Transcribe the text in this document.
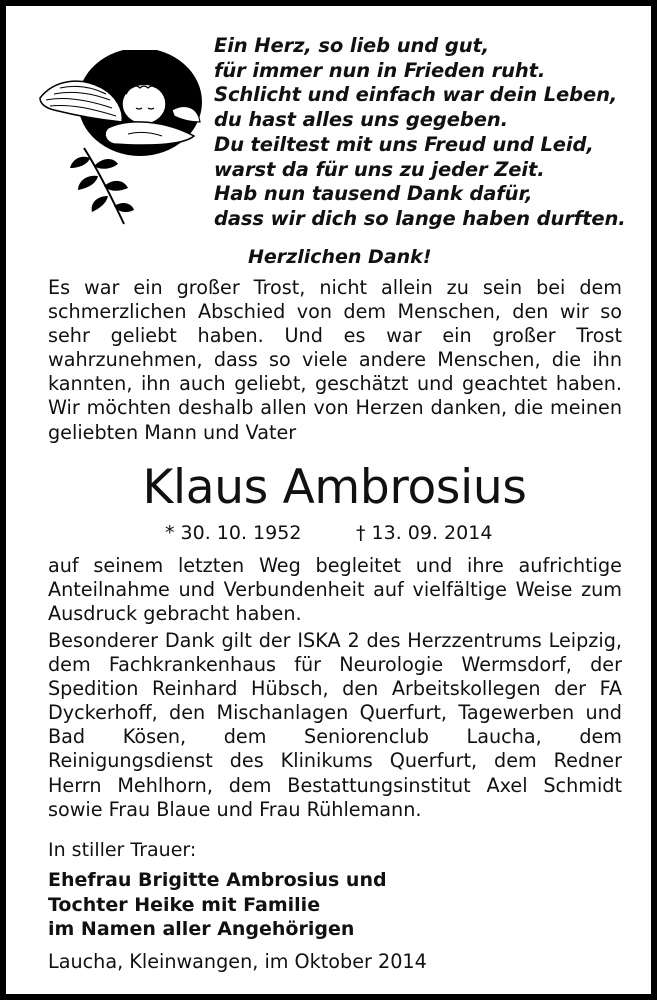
Ein Herz, so lieb und gut,
für immer nun in Frieden ruht.
Schlicht und einfach war dein Leben,
du hast alles uns gegeben.
Du teiltest mit uns Freud und Leid,
warst da für uns zu jeder Zeit.
Hab nun tausend Dank dafür,
dass wir dich so lange haben durften.
Herzlichen Dank!

Es war ein großer Trost, nicht allein zu sein bei dem schmerzlichen Abschied von dem Menschen, den wir so sehr geliebt haben. Und es war ein großer Trost wahrzunehmen, dass so viele andere Menschen, die ihn kannten, ihn auch geliebt, geschätzt und geachtet haben. Wir möchten deshalb allen von Herzen danken, die meinen geliebten Mann und Vater

Klaus Ambrosius
* 30. 10. 1952	† 13. 09. 2014

auf seinem letzten Weg begleitet und ihre aufrichtige Anteilnahme und Verbundenheit auf vielfältige Weise zum Ausdruck gebracht haben.

Besonderer Dank gilt der ISKA 2 des Herzzentrums Leipzig, dem Fachkrankenhaus für Neurologie Wermsdorf, der Spedition Reinhard Hübsch, den Arbeitskollegen der FA Dyckerhoff, den Mischanlagen Querfurt, Tagewerben und Bad Kösen, dem Seniorenclub Laucha, dem Reinigungsdienst des Klinikums Querfurt, dem Redner Herrn Mehlhorn, dem Bestattungsinstitut Axel Schmidt sowie Frau Blaue und Frau Rühlemann.

In stiller Trauer:
Ehefrau Brigitte Ambrosius und
Tochter Heike mit Familie
im Namen aller Angehörigen
Laucha, Kleinwangen, im Oktober 2014
